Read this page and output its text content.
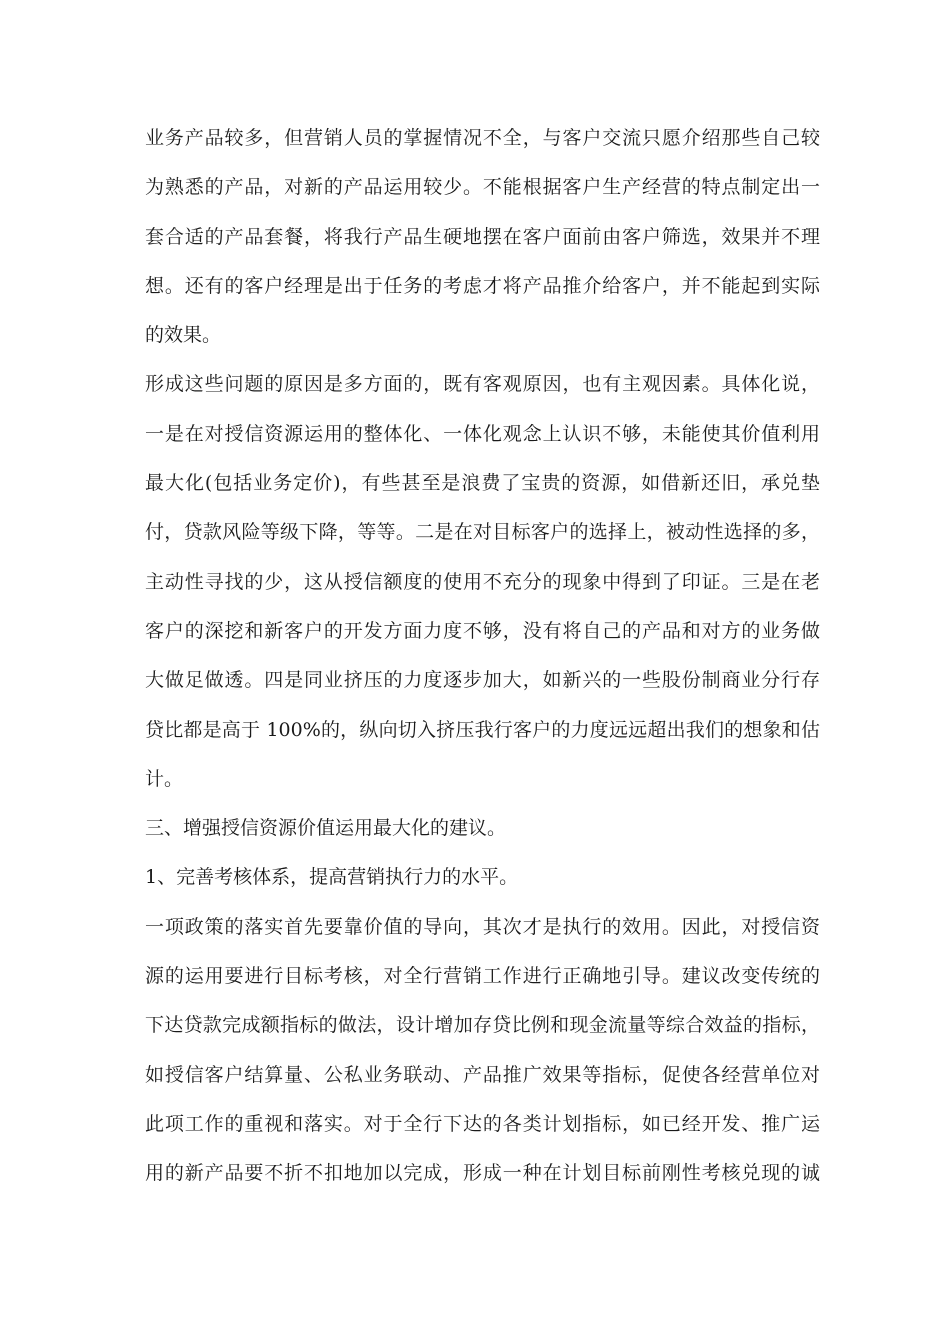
业务产品较多，但营销人员的掌握情况不全，与客户交流只愿介绍那些自己较
为熟悉的产品，对新的产品运用较少。不能根据客户生产经营的特点制定出一
套合适的产品套餐，将我行产品生硬地摆在客户面前由客户筛选，效果并不理
想。还有的客户经理是出于任务的考虑才将产品推介给客户，并不能起到实际
的效果。
形成这些问题的原因是多方面的，既有客观原因，也有主观因素。具体化说，
一是在对授信资源运用的整体化、一体化观念上认识不够，未能使其价值利用
最大化(包括业务定价)，有些甚至是浪费了宝贵的资源，如借新还旧，承兑垫
付，贷款风险等级下降，等等。二是在对目标客户的选择上，被动性选择的多，
主动性寻找的少，这从授信额度的使用不充分的现象中得到了印证。三是在老
客户的深挖和新客户的开发方面力度不够，没有将自己的产品和对方的业务做
大做足做透。四是同业挤压的力度逐步加大，如新兴的一些股份制商业分行存
贷比都是高于 100%的，纵向切入挤压我行客户的力度远远超出我们的想象和估
计。
三、增强授信资源价值运用最大化的建议。
1、完善考核体系，提高营销执行力的水平。
一项政策的落实首先要靠价值的导向，其次才是执行的效用。因此，对授信资
源的运用要进行目标考核，对全行营销工作进行正确地引导。建议改变传统的
下达贷款完成额指标的做法，设计增加存贷比例和现金流量等综合效益的指标，
如授信客户结算量、公私业务联动、产品推广效果等指标，促使各经营单位对
此项工作的重视和落实。对于全行下达的各类计划指标，如已经开发、推广运
用的新产品要不折不扣地加以完成，形成一种在计划目标前刚性考核兑现的诚
